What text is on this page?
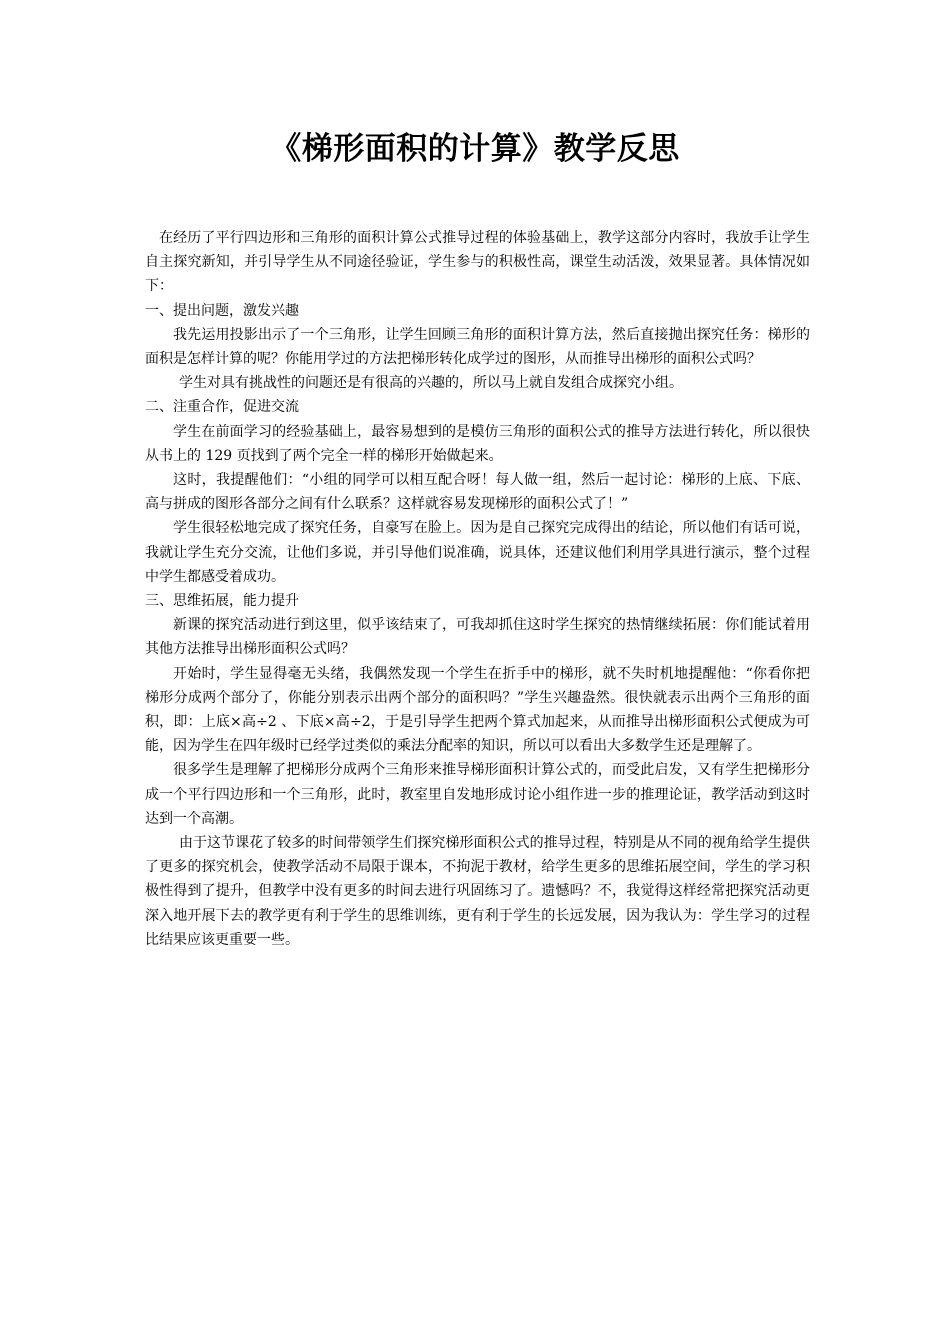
《梯形面积的计算》教学反思

在经历了平行四边形和三角形的面积计算公式推导过程的体验基础上，教学这部分内容时，我放手让学生自主探究新知，并引导学生从不同途径验证，学生参与的积极性高，课堂生动活泼，效果显著。具体情况如下：

一、提出问题，激发兴趣

我先运用投影出示了一个三角形，让学生回顾三角形的面积计算方法，然后直接抛出探究任务：梯形的面积是怎样计算的呢？你能用学过的方法把梯形转化成学过的图形，从而推导出梯形的面积公式吗？

学生对具有挑战性的问题还是有很高的兴趣的，所以马上就自发组合成探究小组。

二、注重合作，促进交流

学生在前面学习的经验基础上，最容易想到的是模仿三角形的面积公式的推导方法进行转化，所以很快从书上的 129 页找到了两个完全一样的梯形开始做起来。

这时，我提醒他们：“小组的同学可以相互配合呀！每人做一组，然后一起讨论：梯形的上底、下底、高与拼成的图形各部分之间有什么联系？这样就容易发现梯形的面积公式了！”

学生很轻松地完成了探究任务，自豪写在脸上。因为是自己探究完成得出的结论，所以他们有话可说，我就让学生充分交流，让他们多说，并引导他们说准确，说具体，还建议他们利用学具进行演示，整个过程中学生都感受着成功。

三、思维拓展，能力提升

新课的探究活动进行到这里，似乎该结束了，可我却抓住这时学生探究的热情继续拓展：你们能试着用其他方法推导出梯形面积公式吗？

开始时，学生显得毫无头绪，我偶然发现一个学生在折手中的梯形，就不失时机地提醒他：“你看你把梯形分成两个部分了，你能分别表示出两个部分的面积吗？”学生兴趣盎然。很快就表示出两个三角形的面积，即：上底×高÷2 、下底×高÷2，于是引导学生把两个算式加起来，从而推导出梯形面积公式便成为可能，因为学生在四年级时已经学过类似的乘法分配率的知识，所以可以看出大多数学生还是理解了。

很多学生是理解了把梯形分成两个三角形来推导梯形面积计算公式的，而受此启发，又有学生把梯形分成一个平行四边形和一个三角形，此时，教室里自发地形成讨论小组作进一步的推理论证，教学活动到这时达到一个高潮。

由于这节课花了较多的时间带领学生们探究梯形面积公式的推导过程，特别是从不同的视角给学生提供了更多的探究机会，使教学活动不局限于课本，不拘泥于教材，给学生更多的思维拓展空间，学生的学习积极性得到了提升，但教学中没有更多的时间去进行巩固练习了。遗憾吗？不，我觉得这样经常把探究活动更深入地开展下去的教学更有利于学生的思维训练，更有利于学生的长远发展，因为我认为：学生学习的过程比结果应该更重要一些。
